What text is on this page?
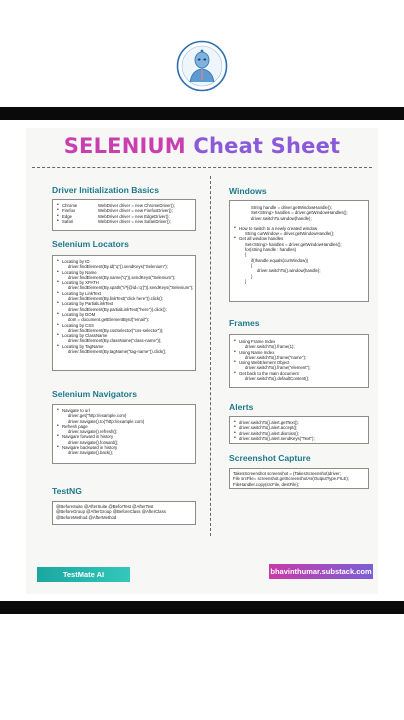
SELENIUM Cheat Sheet
Driver Initialization Basics
• Chrome	WebDriver driver = new ChromeDriver();
• Firefox	WebDriver driver = new FirefoxDriver();
• Edge	WebDriver driver = new EdgeDriver();
• Safari	WebDriver driver = new SafariDriver();
Selenium Locators
• Locating by ID
driver.findElement(By.id("q")).sendKeys("Selenium");
• Locating by Name
driver.findElement(By.name("q")).sendKeys("Selenium");
• Locating by XPATH
driver.findElement(By.xpath("//*[@id='q']")).sendKeys("Selenium");
• Locating by LinkText
driver.findElement(By.linkText("click here")).click();
• Locating by PartialLinkText
driver.findElement(By.partialLinkText("here")).click();
• Locating by DOM
dom = document.getElementById("email");
• Locating by CSS
driver.findElement(By.cssSelector("css-selector"));
• Locating by ClassName
driver.findElement(By.className("class-name"));
• Locating by TagName
driver.findElement(By.tagName("tag-name")).click();
Selenium Navigators
• Navigate to url
driver.get("http://example.com)
driver.navigate().to("http://example.com)
• Refresh page
driver.navigate().refresh();
• Navigare forward in history
driver.navigate().forward();
• Navigare backward in history
driver.navigate().back();
TestNG
@BeforeSuite @AfterSuite @BeforTest @AfterTest
@BeforeGroup @AfterGroup @BeforeClass @AfterClass
@BeforeMethod @AfterMethod
Windows
String handle = driver.getWindowHandle();
Set<String> handles = driver.getWindowHandles();
driver.switchTo.window(handle);
• How to switch to a newly created window
String curWindow = driver.getWindowHandle();
• Get all window handles
Set<String> handles = driver.getWindowHandles();
for(string handle : handles)
{
if(!handle.equals(curWindow))
{
driver.switchTo().window(handle);
}
}
Frames
• Using Frame Index
driver.switchTo().frame(1);
• Using Name Index
driver.switchTo().frame("name");
• Using WebElement Object
driver.switchTo().frame("element");
• Get back to the main document
driver.switchTo().defaultContent();
Alerts
• driver.switchTo().alert.getText();
• driver.switchTo().alert.accept();
• driver.switchTo().alert.dismiss();
• driver.switchTo().alert.sendKeys("Text");
Screenshot Capture
TakesScreenshot screenshot = (TakesScreenshot)driver;
File srcFile= screenshot.getScreenshotAs(OutputType.FILE);
FileHandler.copy(srcFile, destFile);
TestMate AI	bhavinthumar.substack.com
